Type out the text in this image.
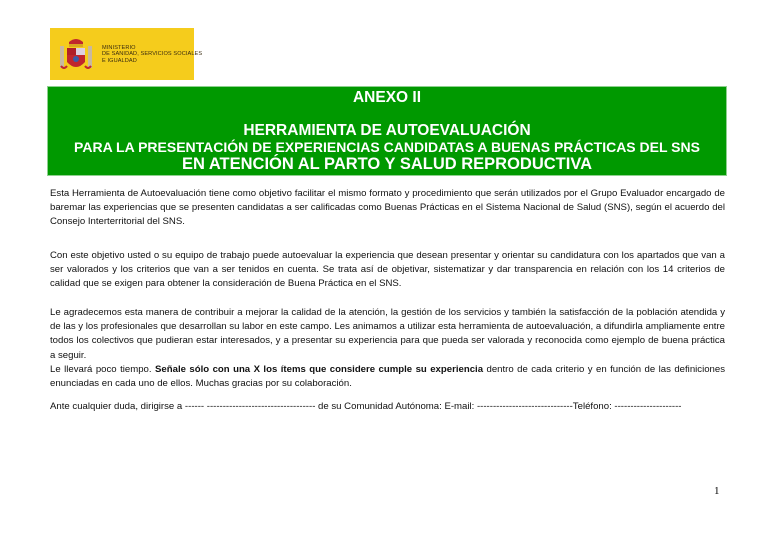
MINISTERIO
DE SANIDAD, SERVICIOS SOCIALES
E IGUALDAD
ANEXO II
HERRAMIENTA DE AUTOEVALUACIÓN
PARA LA PRESENTACIÓN DE EXPERIENCIAS CANDIDATAS A BUENAS PRÁCTICAS DEL SNS
EN ATENCIÓN AL PARTO Y SALUD REPRODUCTIVA

Esta Herramienta de Autoevaluación tiene como objetivo facilitar el mismo formato y procedimiento que serán utilizados por el Grupo Evaluador encargado de baremar las experiencias que se presenten candidatas a ser calificadas como Buenas Prácticas en el Sistema Nacional de Salud (SNS), según el acuerdo del Consejo Interterritorial del SNS.

Con este objetivo usted o su equipo de trabajo puede autoevaluar la experiencia que desean presentar y orientar su candidatura con los apartados que van a ser valorados y los criterios que van a ser tenidos en cuenta. Se trata así de objetivar, sistematizar y dar transparencia en relación con los 14 criterios de calidad que se exigen para obtener la consideración de Buena Práctica en el SNS.

Le agradecemos esta manera de contribuir a mejorar la calidad de la atención, la gestión de los servicios y también la satisfacción de la población atendida y de las y los profesionales que desarrollan su labor en este campo. Les animamos a utilizar esta herramienta de autoevaluación, a difundirla ampliamente entre todos los colectivos que pudieran estar interesados, y a presentar su experiencia para que pueda ser valorada y reconocida como ejemplo de buena práctica a seguir.

Le llevará poco tiempo. Señale sólo con una X los ítems que considere cumple su experiencia dentro de cada criterio y en función de las definiciones enunciadas en cada uno de ellos. Muchas gracias por su colaboración.

Ante cualquier duda, dirigirse a ------ ---------------------------------- de su Comunidad Autónoma: E-mail: ------------------------------Teléfono: ---------------------

1
